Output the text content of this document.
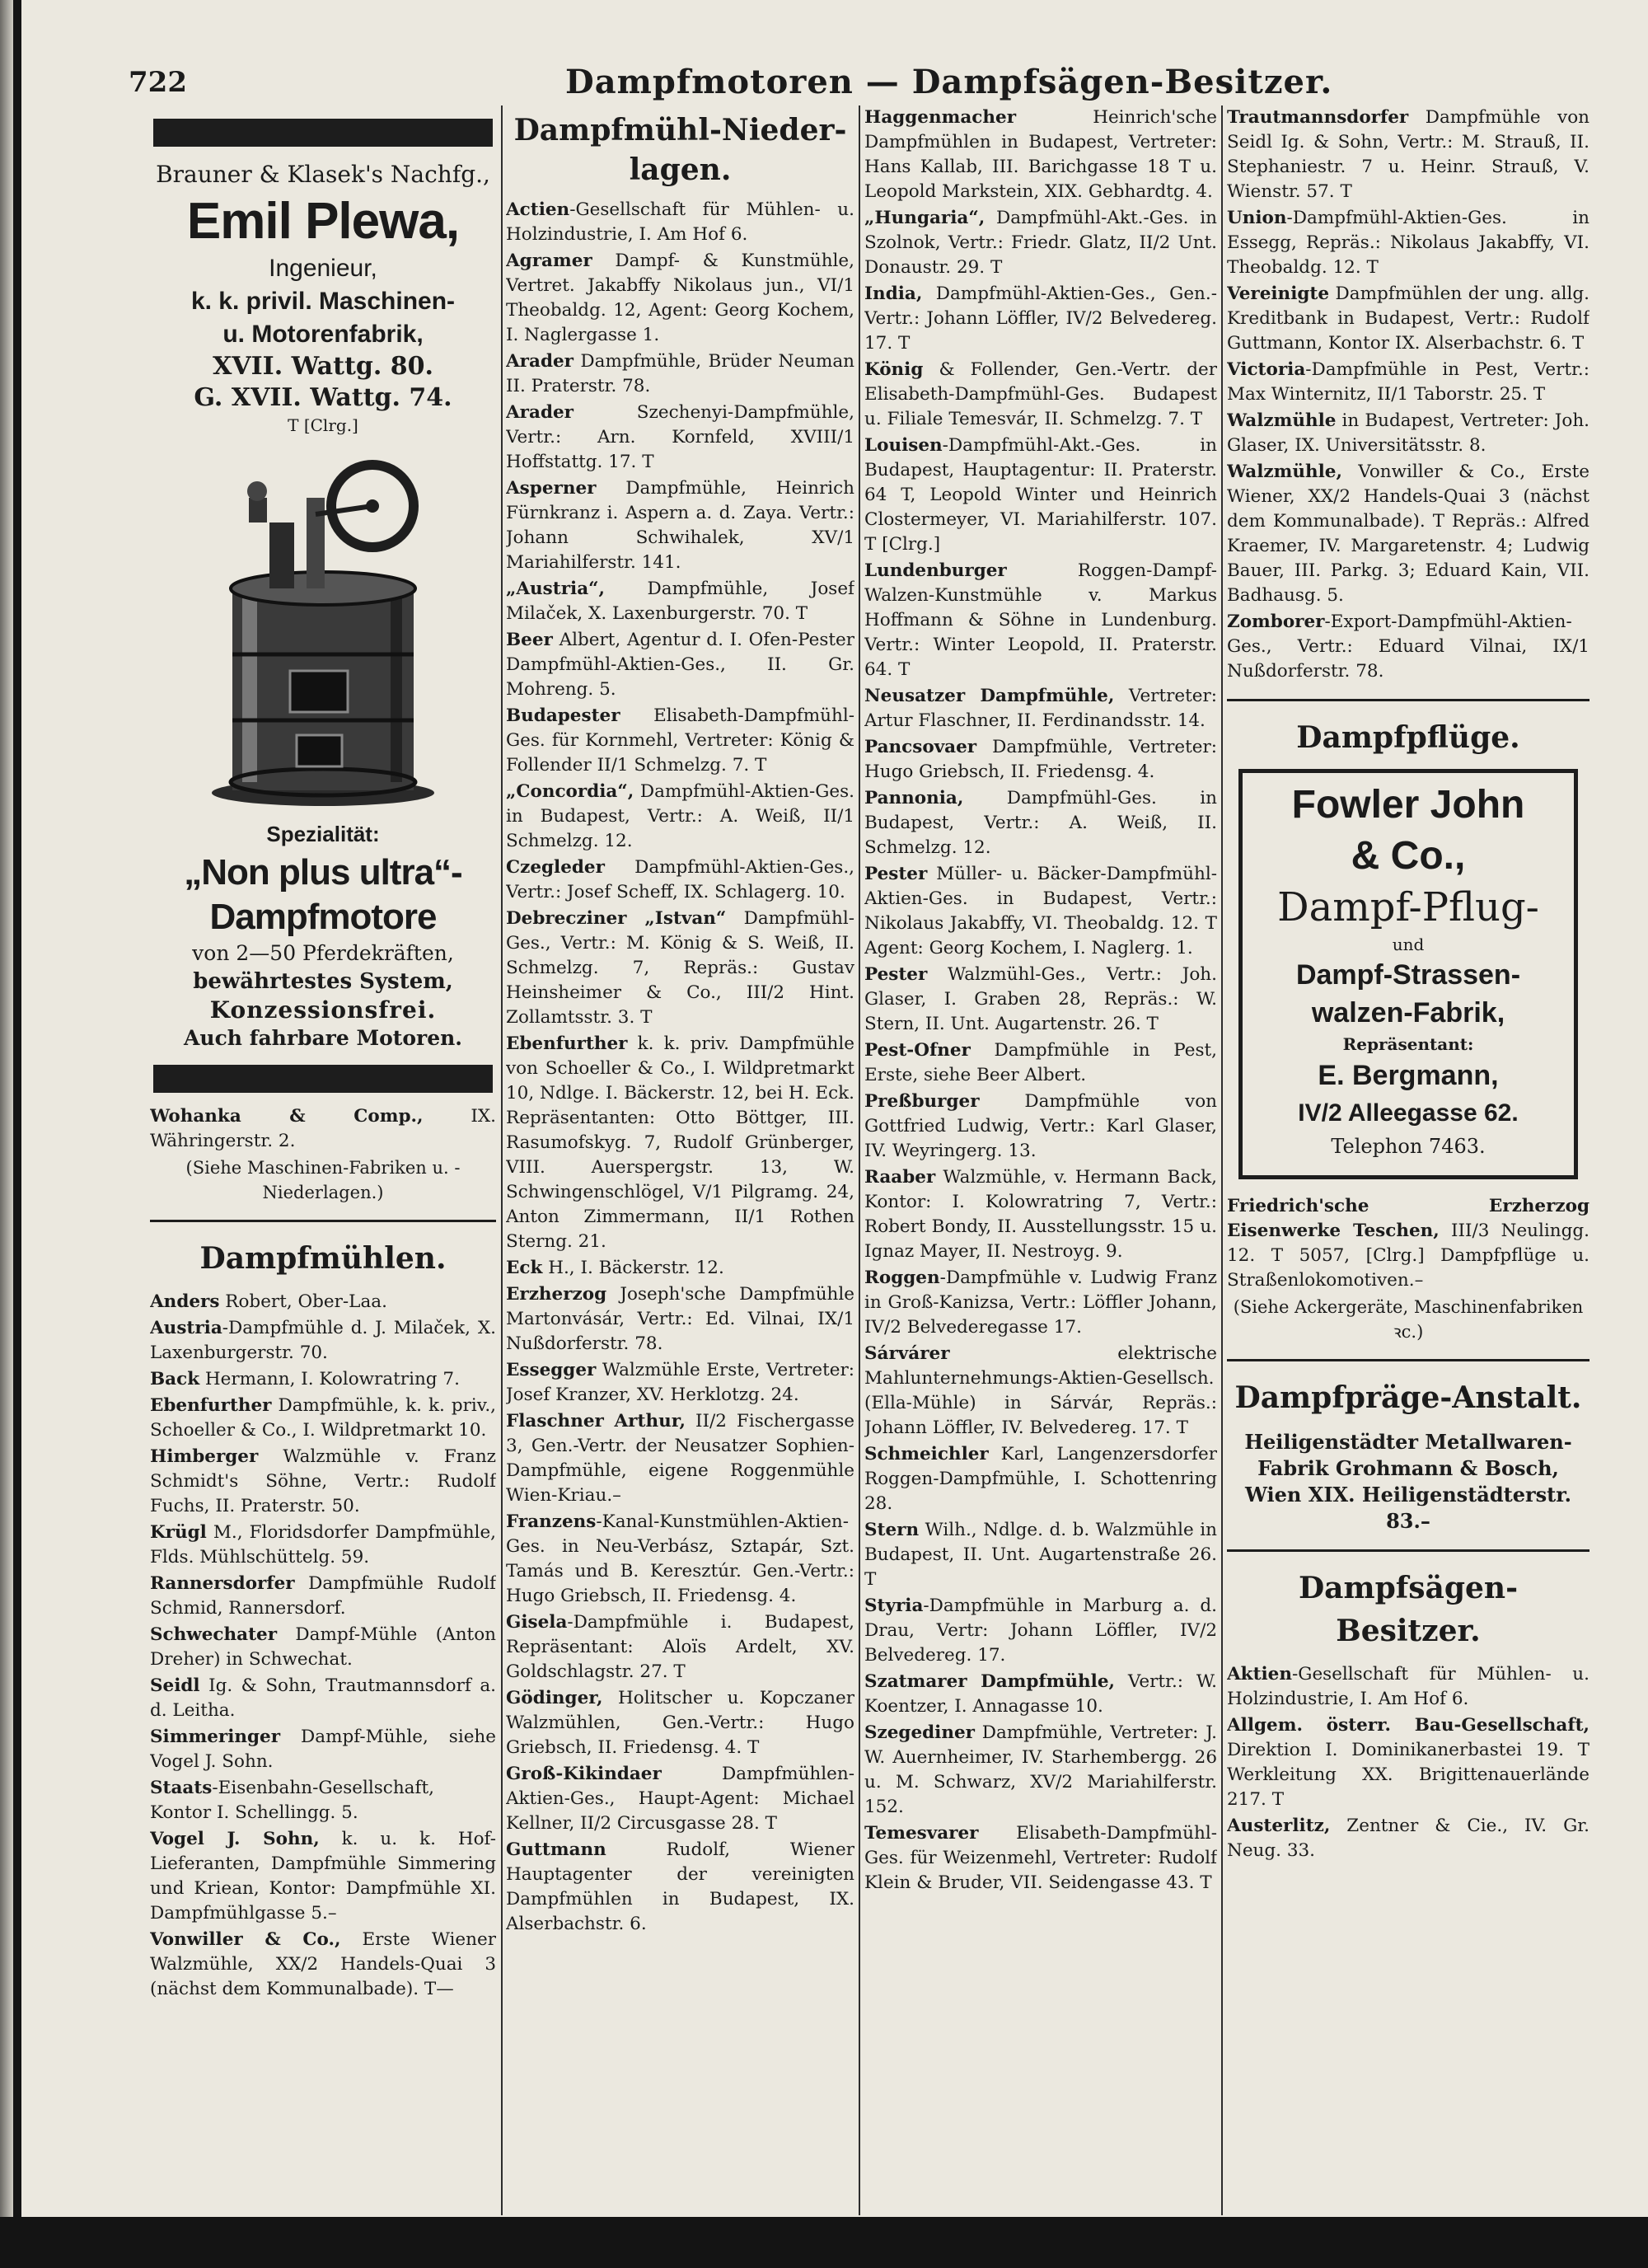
722	Dampfmotoren — Dampfsägen-Besitzer.
Brauner & Klasek's Nachfg.,
Emil Plewa,
Ingenieur,
k. k. privil. Maschinen-
u. Motorenfabrik,
XVII. Wattg. 80.
G. XVII. Wattg. 74.
T [Clrg.]
Spezialität:
„Non plus ultra“-
Dampfmotore
von 2—50 Pferdekräften,
bewährtestes System,
Konzessionsfrei.
Auch fahrbare Motoren.
Wohanka & Comp., IX. Währingerstr. 2.
(Siehe Maschinen-Fabriken u. -Niederlagen.)
Dampfmühlen.
Anders Robert, Ober-Laa.
Austria-Dampfmühle d. J. Milaček, X. Laxenburgerstr. 70.
Back Hermann, I. Kolowratring 7.
Ebenfurther Dampfmühle, k. k. priv., Schoeller & Co., I. Wildpretmarkt 10.
Himberger Walzmühle v. Franz Schmidt's Söhne, Vertr.: Rudolf Fuchs, II. Praterstr. 50.
Krügl M., Floridsdorfer Dampfmühle, Flds. Mühlschüttelg. 59.
Rannersdorfer Dampfmühle Rudolf Schmid, Rannersdorf.
Schwechater Dampf-Mühle (Anton Dreher) in Schwechat.
Seidl Ig. & Sohn, Trautmannsdorf a. d. Leitha.
Simmeringer Dampf-Mühle, siehe Vogel J. Sohn.
Staats-Eisenbahn-Gesellschaft, Kontor I. Schellingg. 5.
Vogel J. Sohn, k. u. k. Hof-Lieferanten, Dampfmühle Simmering und Kriean, Kontor: Dampfmühle XI. Dampfmühlgasse 5.–
Vonwiller & Co., Erste Wiener Walzmühle, XX/2 Handels-Quai 3 (nächst dem Kommunalbade). T—
Dampfmühl-Nieder-
lagen.
Actien-Gesellschaft für Mühlen- u. Holzindustrie, I. Am Hof 6.
Agramer Dampf- & Kunstmühle, Vertret. Jakabffy Nikolaus jun., VI/1 Theobaldg. 12, Agent: Georg Kochem, I. Naglergasse 1.
Arader Dampfmühle, Brüder Neuman II. Praterstr. 78.
Arader Szechenyi-Dampfmühle, Vertr.: Arn. Kornfeld, XVIII/1 Hoffstattg. 17. T
Asperner Dampfmühle, Heinrich Fürnkranz i. Aspern a. d. Zaya. Vertr.: Johann Schwihalek, XV/1 Mariahilferstr. 141.
„Austria“, Dampfmühle, Josef Milaček, X. Laxenburgerstr. 70. T
Beer Albert, Agentur d. I. Ofen-Pester Dampfmühl-Aktien-Ges., II. Gr. Mohreng. 5.
Budapester Elisabeth-Dampfmühl-Ges. für Kornmehl, Vertreter: König & Follender II/1 Schmelzg. 7. T
„Concordia“, Dampfmühl-Aktien-Ges. in Budapest, Vertr.: A. Weiß, II/1 Schmelzg. 12.
Czegleder Dampfmühl-Aktien-Ges., Vertr.: Josef Scheff, IX. Schlagerg. 10.
Debrecziner „Istvan“ Dampfmühl-Ges., Vertr.: M. König & S. Weiß, II. Schmelzg. 7, Repräs.: Gustav Heinsheimer & Co., III/2 Hint. Zollamtsstr. 3. T
Ebenfurther k. k. priv. Dampfmühle von Schoeller & Co., I. Wildpretmarkt 10, Ndlge. I. Bäckerstr. 12, bei H. Eck. Repräsentanten: Otto Böttger, III. Rasumofskyg. 7, Rudolf Grünberger, VIII. Auerspergstr. 13, W. Schwingenschlögel, V/1 Pilgramg. 24, Anton Zimmermann, II/1 Rothen Sterng. 21.
Eck H., I. Bäckerstr. 12.
Erzherzog Joseph'sche Dampfmühle Martonvásár, Vertr.: Ed. Vilnai, IX/1 Nußdorferstr. 78.
Essegger Walzmühle Erste, Vertreter: Josef Kranzer, XV. Herklotzg. 24.
Flaschner Arthur, II/2 Fischergasse 3, Gen.-Vertr. der Neusatzer Sophien-Dampfmühle, eigene Roggenmühle Wien-Kriau.–
Franzens-Kanal-Kunstmühlen-Aktien-Ges. in Neu-Verbász, Sztapár, Szt. Tamás und B. Keresztúr. Gen.-Vertr.: Hugo Griebsch, II. Friedensg. 4.
Gisela-Dampfmühle i. Budapest, Repräsentant: Aloïs Ardelt, XV. Goldschlagstr. 27. T
Gödinger, Holitscher u. Kopczaner Walzmühlen, Gen.-Vertr.: Hugo Griebsch, II. Friedensg. 4. T
Groß-Kikindaer Dampfmühlen-Aktien-Ges., Haupt-Agent: Michael Kellner, II/2 Circusgasse 28. T
Guttmann Rudolf, Wiener Hauptagenter der vereinigten Dampfmühlen in Budapest, IX. Alserbachstr. 6.
Haggenmacher Heinrich'sche Dampfmühlen in Budapest, Vertreter: Hans Kallab, III. Barichgasse 18 T u. Leopold Markstein, XIX. Gebhardtg. 4.
„Hungaria“, Dampfmühl-Akt.-Ges. in Szolnok, Vertr.: Friedr. Glatz, II/2 Unt. Donaustr. 29. T
India, Dampfmühl-Aktien-Ges., Gen.-Vertr.: Johann Löffler, IV/2 Belvedereg. 17. T
König & Follender, Gen.-Vertr. der Elisabeth-Dampfmühl-Ges. Budapest u. Filiale Temesvár, II. Schmelzg. 7. T
Louisen-Dampfmühl-Akt.-Ges. in Budapest, Hauptagentur: II. Praterstr. 64 T, Leopold Winter und Heinrich Clostermeyer, VI. Mariahilferstr. 107. T [Clrg.]
Lundenburger Roggen-Dampf-Walzen-Kunstmühle v. Markus Hoffmann & Söhne in Lundenburg. Vertr.: Winter Leopold, II. Praterstr. 64. T
Neusatzer Dampfmühle, Vertreter: Artur Flaschner, II. Ferdinandsstr. 14.
Pancsovaer Dampfmühle, Vertreter: Hugo Griebsch, II. Friedensg. 4.
Pannonia, Dampfmühl-Ges. in Budapest, Vertr.: A. Weiß, II. Schmelzg. 12.
Pester Müller- u. Bäcker-Dampfmühl-Aktien-Ges. in Budapest, Vertr.: Nikolaus Jakabffy, VI. Theobaldg. 12. T Agent: Georg Kochem, I. Naglerg. 1.
Pester Walzmühl-Ges., Vertr.: Joh. Glaser, I. Graben 28, Repräs.: W. Stern, II. Unt. Augartenstr. 26. T
Pest-Ofner Dampfmühle in Pest, Erste, siehe Beer Albert.
Preßburger Dampfmühle von Gottfried Ludwig, Vertr.: Karl Glaser, IV. Weyringerg. 13.
Raaber Walzmühle, v. Hermann Back, Kontor: I. Kolowratring 7, Vertr.: Robert Bondy, II. Ausstellungsstr. 15 u. Ignaz Mayer, II. Nestroyg. 9.
Roggen-Dampfmühle v. Ludwig Franz in Groß-Kanizsa, Vertr.: Löffler Johann, IV/2 Belvederegasse 17.
Sárvárer elektrische Mahlunternehmungs-Aktien-Gesellsch. (Ella-Mühle) in Sárvár, Repräs.: Johann Löffler, IV. Belvedereg. 17. T
Schmeichler Karl, Langenzersdorfer Roggen-Dampfmühle, I. Schottenring 28.
Stern Wilh., Ndlge. d. b. Walzmühle in Budapest, II. Unt. Augartenstraße 26. T
Styria-Dampfmühle in Marburg a. d. Drau, Vertr: Johann Löffler, IV/2 Belvedereg. 17.
Szatmarer Dampfmühle, Vertr.: W. Koentzer, I. Annagasse 10.
Szegediner Dampfmühle, Vertreter: J. W. Auernheimer, IV. Starhembergg. 26 u. M. Schwarz, XV/2 Mariahilferstr. 152.
Temesvarer Elisabeth-Dampfmühl-Ges. für Weizenmehl, Vertreter: Rudolf Klein & Bruder, VII. Seidengasse 43. T
Trautmannsdorfer Dampfmühle von Seidl Ig. & Sohn, Vertr.: M. Strauß, II. Stephaniestr. 7 u. Heinr. Strauß, V. Wienstr. 57. T
Union-Dampfmühl-Aktien-Ges. in Essegg, Repräs.: Nikolaus Jakabffy, VI. Theobaldg. 12. T
Vereinigte Dampfmühlen der ung. allg. Kreditbank in Budapest, Vertr.: Rudolf Guttmann, Kontor IX. Alserbachstr. 6. T
Victoria-Dampfmühle in Pest, Vertr.: Max Winternitz, II/1 Taborstr. 25. T
Walzmühle in Budapest, Vertreter: Joh. Glaser, IX. Universitätsstr. 8.
Walzmühle, Vonwiller & Co., Erste Wiener, XX/2 Handels-Quai 3 (nächst dem Kommunalbade). T Repräs.: Alfred Kraemer, IV. Margaretenstr. 4; Ludwig Bauer, III. Parkg. 3; Eduard Kain, VII. Badhausg. 5.
Zomborer-Export-Dampfmühl-Aktien-Ges., Vertr.: Eduard Vilnai, IX/1 Nußdorferstr. 78.
Dampfpflüge.
Fowler John
& Co.,
Dampf-Pflug-
und
Dampf-Strassen-
walzen-Fabrik,
Repräsentant:
E. Bergmann,
IV/2 Alleegasse 62.
Telephon 7463.
Friedrich'sche Erzherzog Eisenwerke Teschen, III/3 Neulingg. 12. T 5057, [Clrg.] Dampfpflüge u. Straßenlokomotiven.–
(Siehe Ackergeräte, Maschinenfabriken ꝛc.)
Dampfpräge-Anstalt.
Heiligenstädter Metallwaren-Fabrik Grohmann & Bosch, Wien XIX. Heiligenstädterstr. 83.–
Dampfsägen-Besitzer.
Aktien-Gesellschaft für Mühlen- u. Holzindustrie, I. Am Hof 6.
Allgem. österr. Bau-Gesellschaft, Direktion I. Dominikanerbastei 19. T Werkleitung XX. Brigittenauerlände 217. T
Austerlitz, Zentner & Cie., IV. Gr. Neug. 33.
